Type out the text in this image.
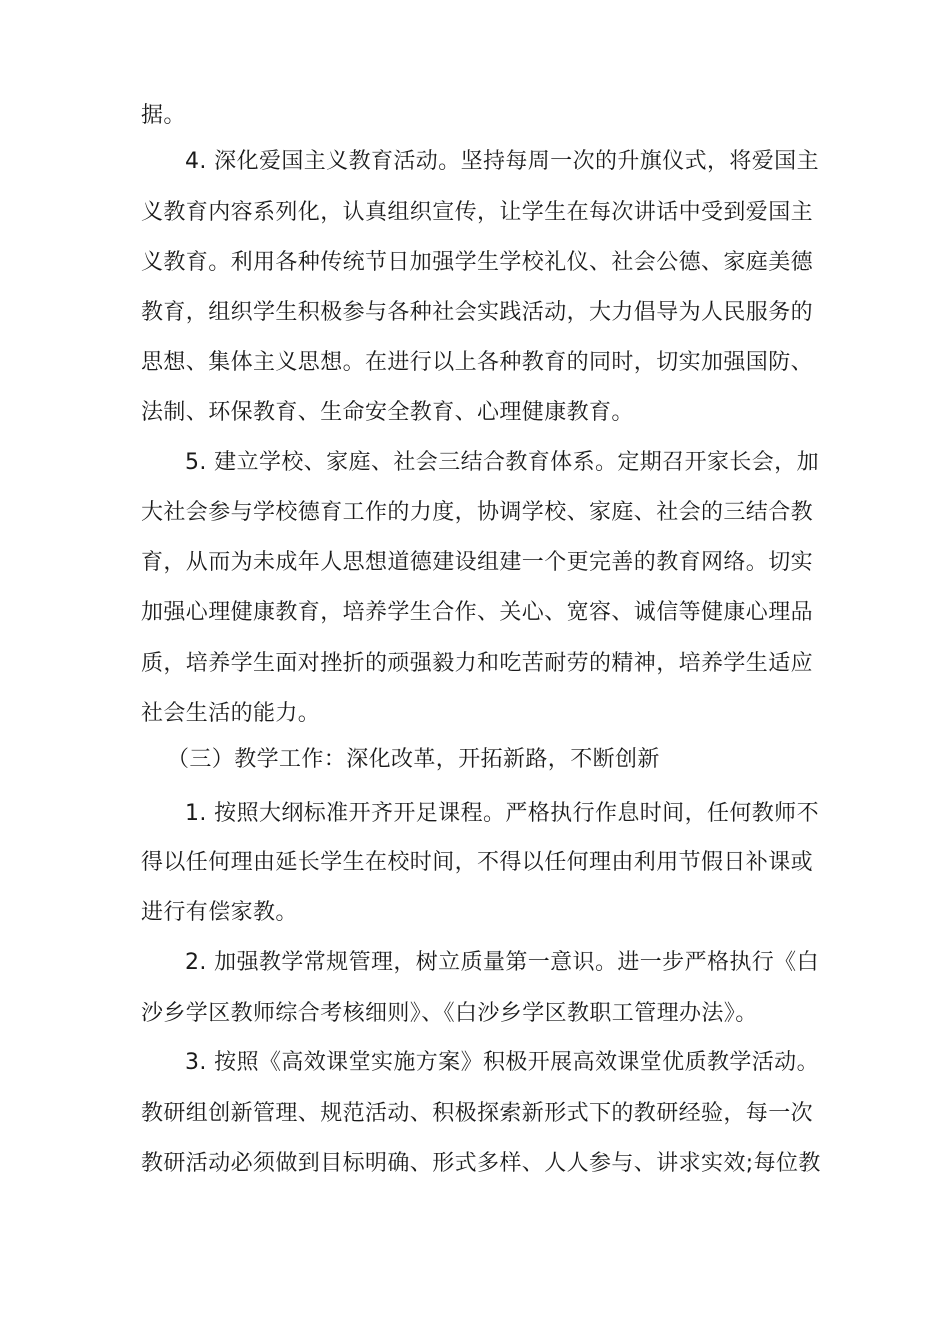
据。
4. 深化爱国主义教育活动。坚持每周一次的升旗仪式，将爱国主
义教育内容系列化，认真组织宣传，让学生在每次讲话中受到爱国主
义教育。利用各种传统节日加强学生学校礼仪、社会公德、家庭美德
教育，组织学生积极参与各种社会实践活动，大力倡导为人民服务的
思想、集体主义思想。在进行以上各种教育的同时，切实加强国防、
法制、环保教育、生命安全教育、心理健康教育。
5. 建立学校、家庭、社会三结合教育体系。定期召开家长会，加
大社会参与学校德育工作的力度，协调学校、家庭、社会的三结合教
育，从而为未成年人思想道德建设组建一个更完善的教育网络。切实
加强心理健康教育，培养学生合作、关心、宽容、诚信等健康心理品
质，培养学生面对挫折的顽强毅力和吃苦耐劳的精神，培养学生适应
社会生活的能力。
（三）教学工作：深化改革，开拓新路，不断创新
1. 按照大纲标准开齐开足课程。严格执行作息时间，任何教师不
得以任何理由延长学生在校时间，不得以任何理由利用节假日补课或
进行有偿家教。
2. 加强教学常规管理，树立质量第一意识。进一步严格执行《白
沙乡学区教师综合考核细则》、《白沙乡学区教职工管理办法》。
3. 按照《高效课堂实施方案》积极开展高效课堂优质教学活动。
教研组创新管理、规范活动、积极探索新形式下的教研经验，每一次
教研活动必须做到目标明确、形式多样、人人参与、讲求实效;每位教
